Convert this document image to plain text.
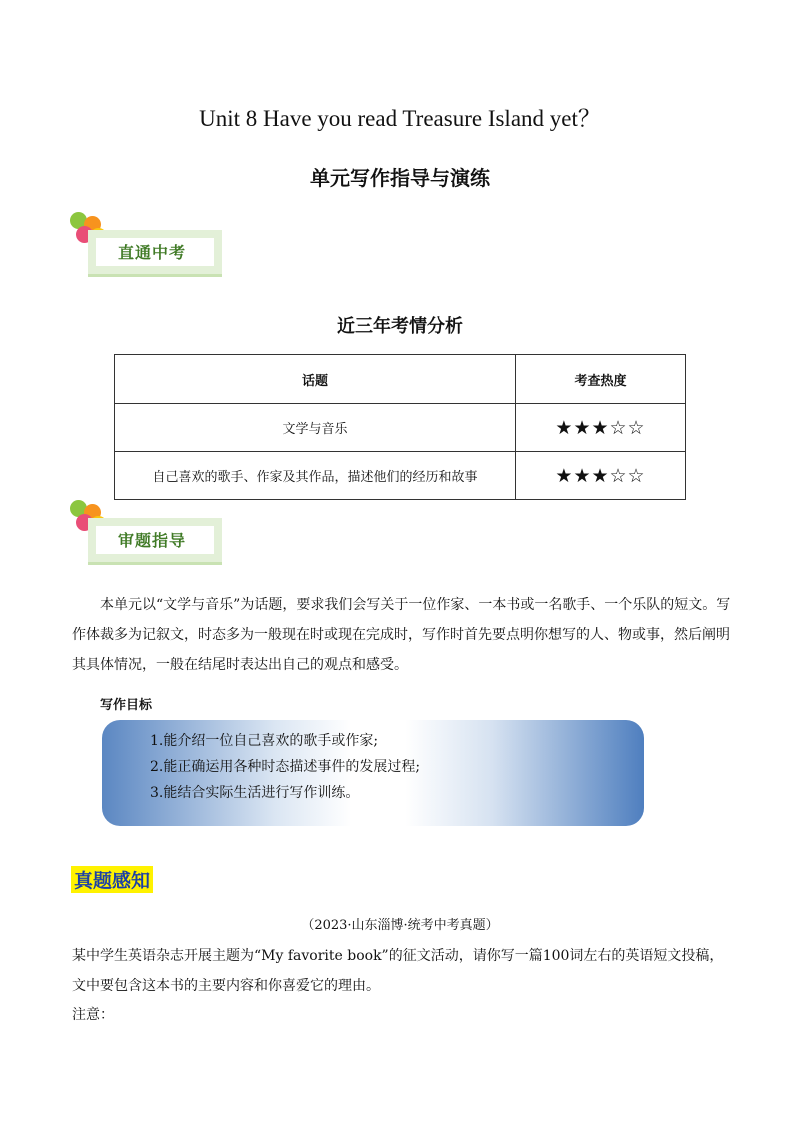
Unit 8 Have you read Treasure Island yet？
单元写作指导与演练
直通中考
近三年考情分析
话题	考查热度
文学与音乐	★★★☆☆
自己喜欢的歌手、作家及其作品，描述他们的经历和故事	★★★☆☆
审题指导
本单元以“文学与音乐”为话题，要求我们会写关于一位作家、一本书或一名歌手、一个乐队的短文。写作体裁多为记叙文，时态多为一般现在时或现在完成时，写作时首先要点明你想写的人、物或事，然后阐明其具体情况，一般在结尾时表达出自己的观点和感受。
写作目标
1.能介绍一位自己喜欢的歌手或作家;
2.能正确运用各种时态描述事件的发展过程;
3.能结合实际生活进行写作训练。
真题感知
（2023·山东淄博·统考中考真题）
某中学生英语杂志开展主题为“My favorite book”的征文活动，请你写一篇100词左右的英语短文投稿，文中要包含这本书的主要内容和你喜爱它的理由。
注意：
